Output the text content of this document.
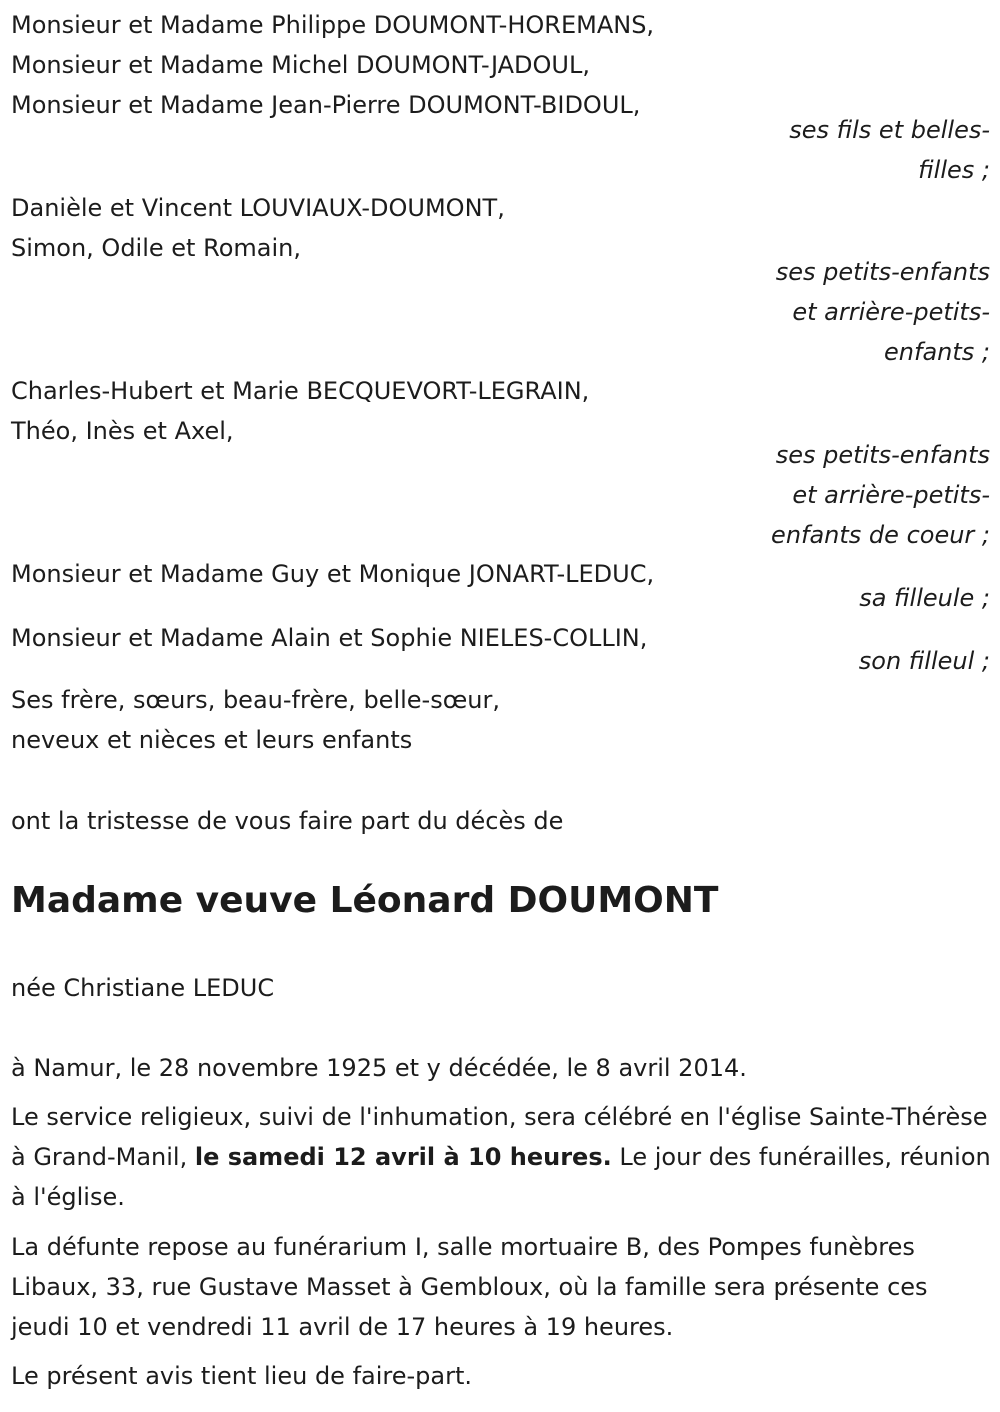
Monsieur et Madame Philippe DOUMONT-HOREMANS,
Monsieur et Madame Michel DOUMONT-JADOUL,
Monsieur et Madame Jean-Pierre DOUMONT-BIDOUL,
ses fils et belles-
filles ;
Danièle et Vincent LOUVIAUX-DOUMONT,
Simon, Odile et Romain,
ses petits-enfants
et arrière-petits-
enfants ;
Charles-Hubert et Marie BECQUEVORT-LEGRAIN,
Théo, Inès et Axel,
ses petits-enfants
et arrière-petits-
enfants de coeur ;
Monsieur et Madame Guy et Monique JONART-LEDUC,
sa filleule ;
Monsieur et Madame Alain et Sophie NIELES-COLLIN,
son filleul ;
Ses frère, sœurs, beau-frère, belle-sœur,
neveux et nièces et leurs enfants
ont la tristesse de vous faire part du décès de
Madame veuve Léonard DOUMONT
née Christiane LEDUC
à Namur, le 28 novembre 1925 et y décédée, le 8 avril 2014.

Le service religieux, suivi de l'inhumation, sera célébré en l'église Sainte-Thérèse à Grand-Manil, le samedi 12 avril à 10 heures. Le jour des funérailles, réunion à l'église.

La défunte repose au funérarium I, salle mortuaire B, des Pompes funèbres Libaux, 33, rue Gustave Masset à Gembloux, où la famille sera présente ces jeudi 10 et vendredi 11 avril de 17 heures à 19 heures.

Le présent avis tient lieu de faire-part.
